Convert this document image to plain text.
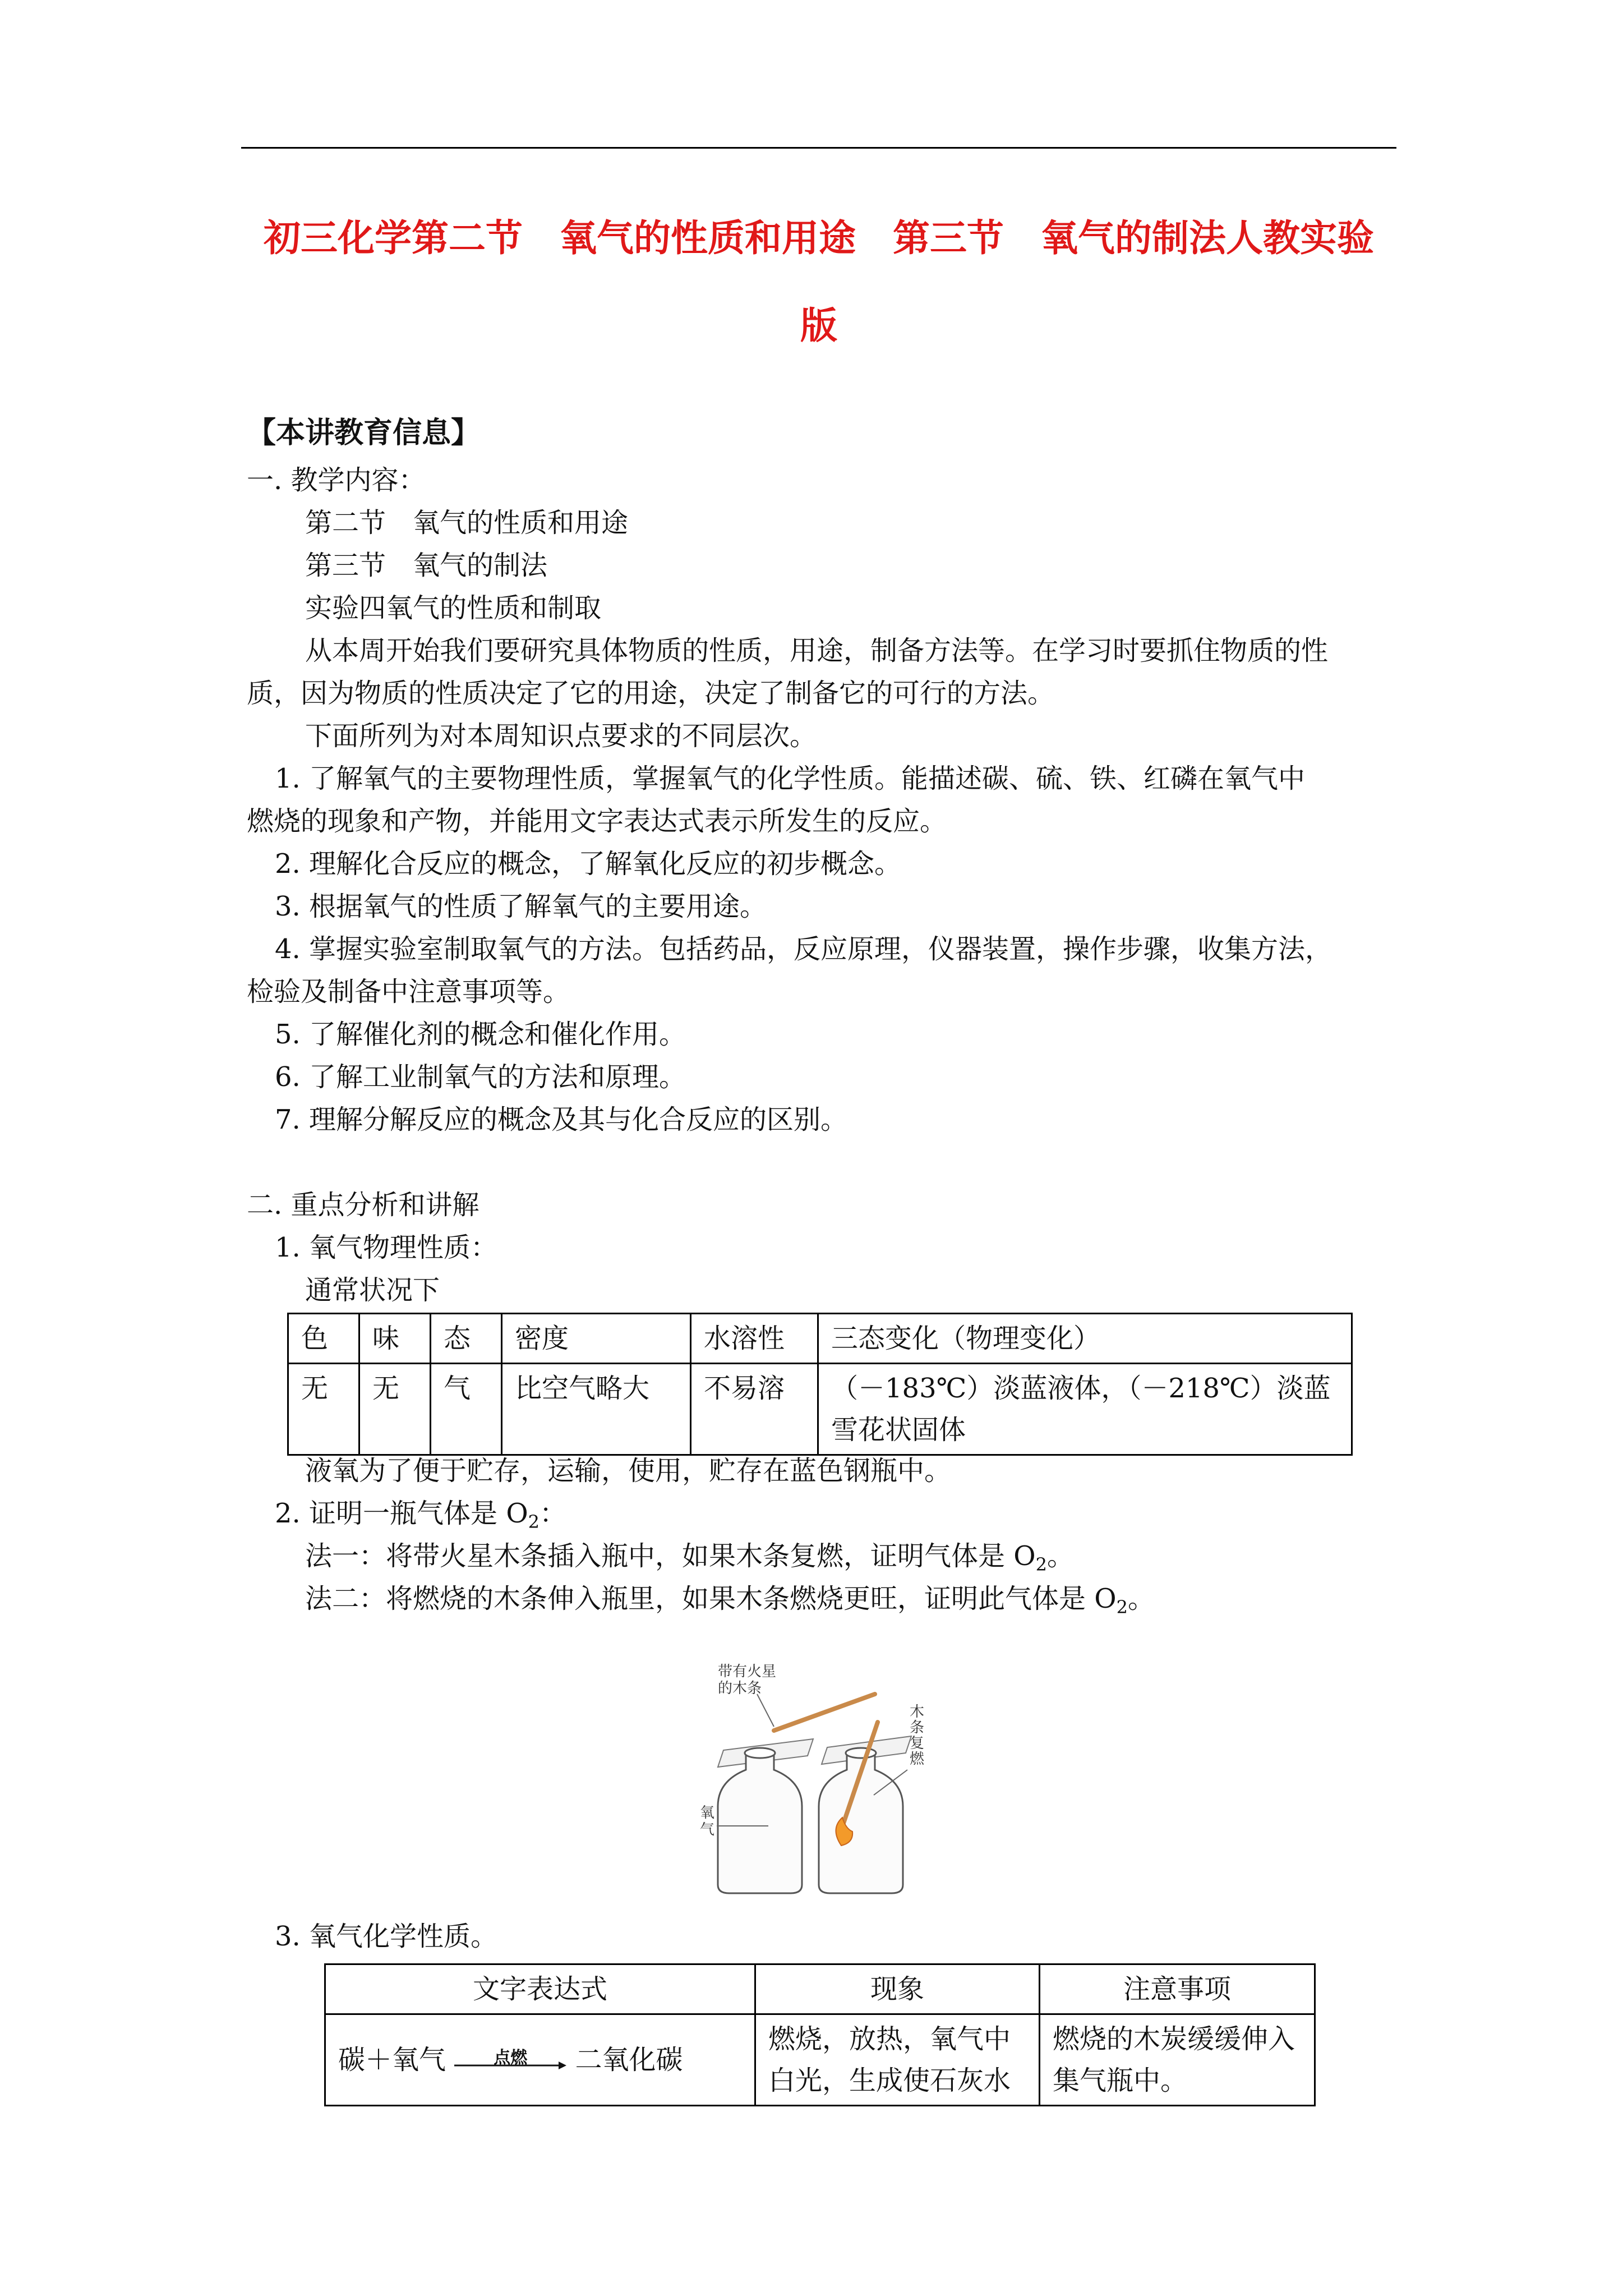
初三化学第二节　氧气的性质和用途　第三节　氧气的制法人教实验
版
【本讲教育信息】
一. 教学内容：
第二节　氧气的性质和用途
第三节　氧气的制法
实验四氧气的性质和制取
从本周开始我们要研究具体物质的性质，用途，制备方法等。在学习时要抓住物质的性
质，因为物质的性质决定了它的用途，决定了制备它的可行的方法。
下面所列为对本周知识点要求的不同层次。
1. 了解氧气的主要物理性质，掌握氧气的化学性质。能描述碳、硫、铁、红磷在氧气中
燃烧的现象和产物，并能用文字表达式表示所发生的反应。
2. 理解化合反应的概念，了解氧化反应的初步概念。
3. 根据氧气的性质了解氧气的主要用途。
4. 掌握实验室制取氧气的方法。包括药品，反应原理，仪器装置，操作步骤，收集方法，
检验及制备中注意事项等。
5. 了解催化剂的概念和催化作用。
6. 了解工业制氧气的方法和原理。
7. 理解分解反应的概念及其与化合反应的区别。
二. 重点分析和讲解
1. 氧气物理性质：
通常状况下
色	味	态	密度	水溶性	三态变化（物理变化）
无	无	气	比空气略大	不易溶	（－183℃）淡蓝液体，（－218℃）淡蓝雪花状固体
液氧为了便于贮存，运输，使用，贮存在蓝色钢瓶中。
2. 证明一瓶气体是 $O_2$：
法一：将带火星木条插入瓶中，如果木条复燃，证明气体是 $O_2$。
法二：将燃烧的木条伸入瓶里，如果木条燃烧更旺，证明此气体是 $O_2$。
带有火星
的木条
木
条
复
燃
氧
气
3. 氧气化学性质。
文字表达式	现象	注意事项
碳＋氧气 点燃 二氧化碳	燃烧，放热，氧气中白光，生成使石灰水	燃烧的木炭缓缓伸入集气瓶中。
